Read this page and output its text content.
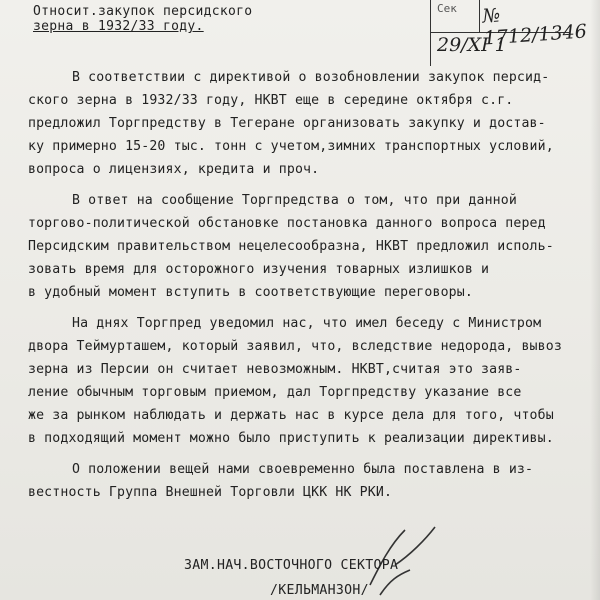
Относит.закупок персидского
зерна в 1932/33 году.
Сек № 1712/1346
29/XI 1
В соответствии с директивой о возобновлении закупок персид-
ского зерна в 1932/33 году, НКВТ еще в середине октября с.г.
предложил Торгпредству в Тегеране организовать закупку и достав-
ку примерно 15-20 тыс. тонн с учетом,зимних транспортных условий,
вопроса о лицензиях, кредита и проч.
В ответ на сообщение Торгпредства о том, что при данной
торгово-политической обстановке постановка данного вопроса перед
Персидским правительством нецелесообразна, НКВТ предложил исполь-
зовать время для осторожного изучения товарных излишков и
в удобный момент вступить в соответствующие переговоры.
На днях Торгпред уведомил нас, что имел беседу с Министром
двора Теймурташем, который заявил, что, вследствие недорода, вывоз
зерна из Персии он считает невозможным. НКВТ,считая это заяв-
ление обычным торговым приемом, дал Торгпредству указание все
же за рынком наблюдать и держать нас в курсе дела для того, чтобы
в подходящий момент можно было приступить к реализации директивы.
О положении вещей нами своевременно была поставлена в из-
вестность Группа Внешней Торговли ЦКК НК РКИ.
ЗАМ.НАЧ.ВОСТОЧНОГО СЕКТОРА
/КЕЛЬМАНЗОН/
